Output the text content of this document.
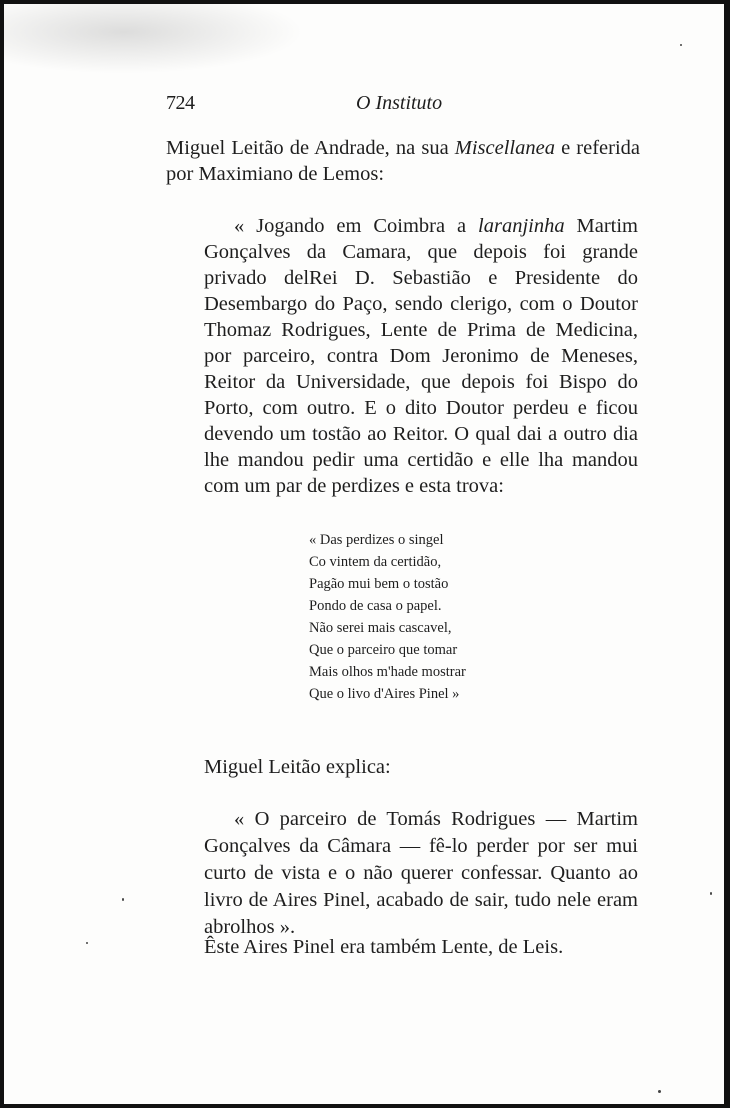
724	O Instituto

Miguel Leitão de Andrade, na sua Miscellanea e referida por Maximiano de Lemos:

« Jogando em Coimbra a laranjinha Martim Gonçalves da Camara, que depois foi grande privado delRei D. Sebastião e Presidente do Desembargo do Paço, sendo clerigo, com o Doutor Thomaz Rodrigues, Lente de Prima de Medicina, por parceiro, contra Dom Jeronimo de Meneses, Reitor da Universidade, que depois foi Bispo do Porto, com outro. E o dito Doutor perdeu e ficou devendo um tostão ao Reitor. O qual dai a outro dia lhe mandou pedir uma certidão e elle lha mandou com um par de perdizes e esta trova:

« Das perdizes o singel
Co vintem da certidão,
Pagão mui bem o tostão
Pondo de casa o papel.
Não serei mais cascavel,
Que o parceiro que tomar
Mais olhos m'hade mostrar
Que o livo d'Aires Pinel »

Miguel Leitão explica:

« O parceiro de Tomás Rodrigues — Martim Gonçalves da Câmara — fê-lo perder por ser mui curto de vista e o não querer confessar. Quanto ao livro de Aires Pinel, acabado de sair, tudo nele eram abrolhos ».

Êste Aires Pinel era também Lente, de Leis.
